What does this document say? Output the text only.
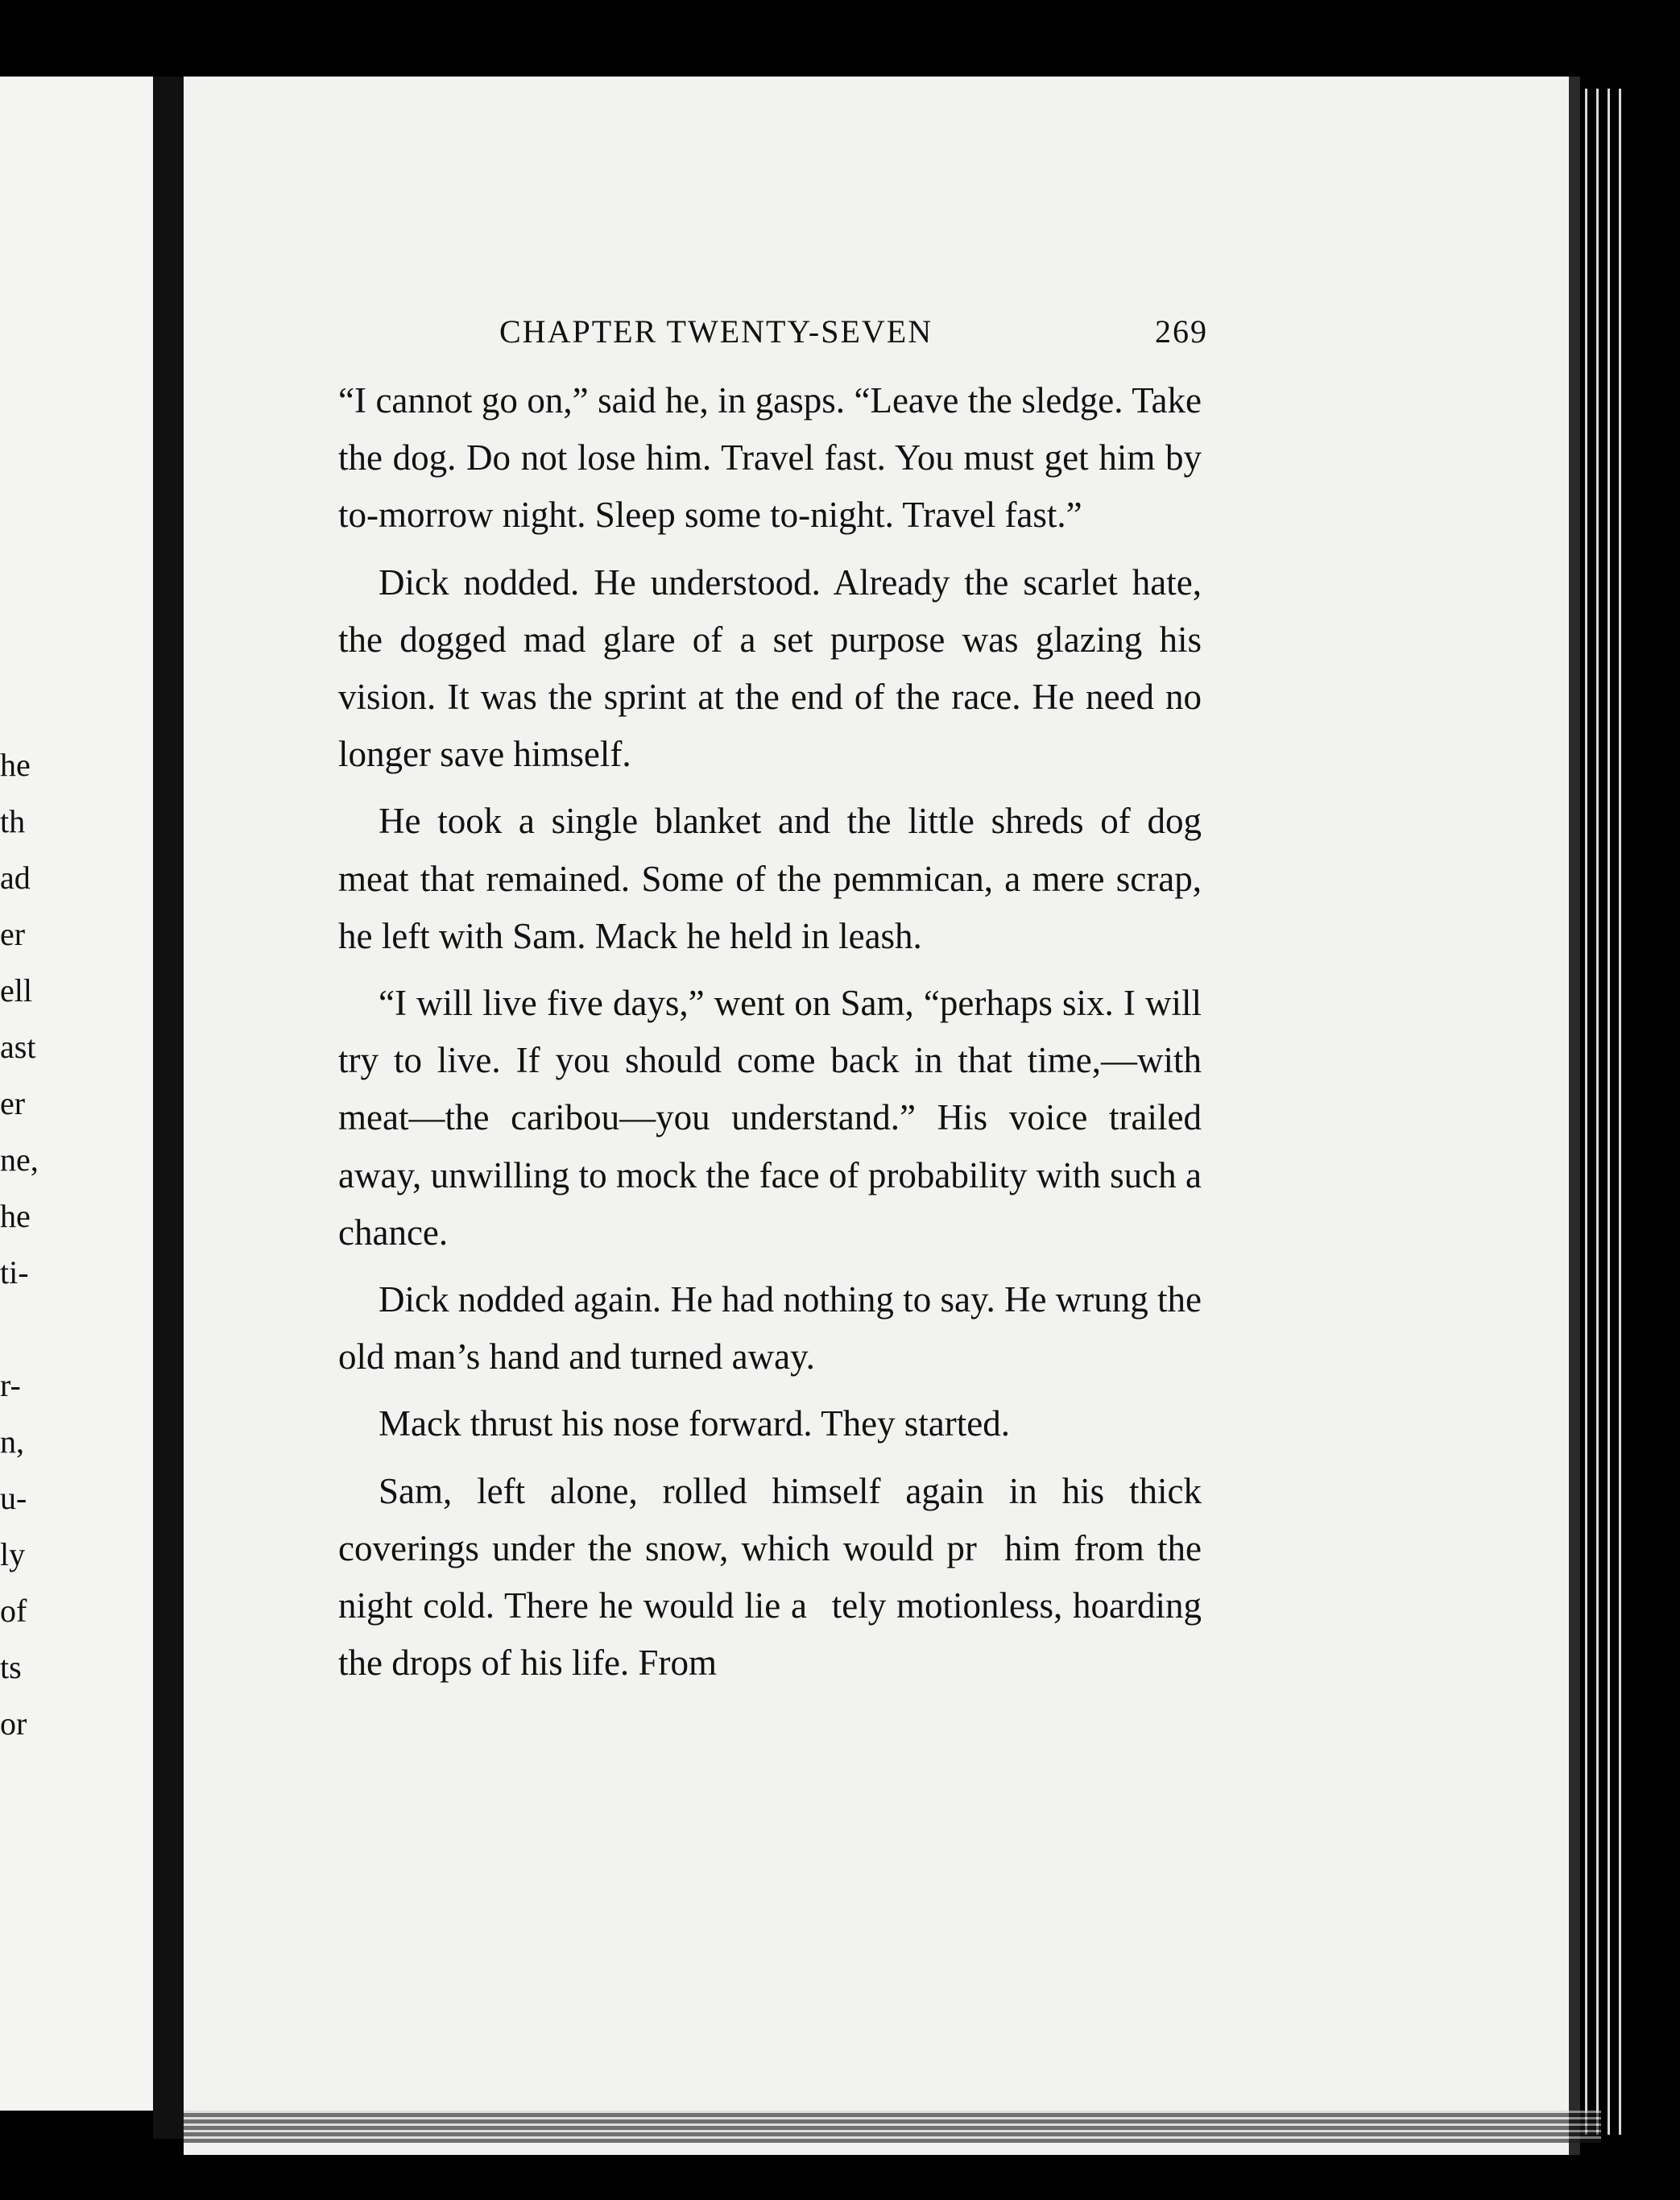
he
th
ad
er
ell
ast
er
ne,
he
ti-
r-
n,
u-
ly
of
ts
or
CHAPTER TWENTY-SEVEN	269

“I cannot go on,” said he, in gasps. “Leave the sledge. Take the dog. Do not lose him. Travel fast. You must get him by to-morrow night. Sleep some to-night. Travel fast.”

Dick nodded. He understood. Already the scarlet hate, the dogged mad glare of a set purpose was glazing his vision. It was the sprint at the end of the race. He need no longer save himself.

He took a single blanket and the little shreds of dog meat that remained. Some of the pemmican, a mere scrap, he left with Sam. Mack he held in leash.

“I will live five days,” went on Sam, “perhaps six. I will try to live. If you should come back in that time,—with meat—the caribou—you understand.” His voice trailed away, unwilling to mock the face of probability with such a chance.

Dick nodded again. He had nothing to say. He wrung the old man’s hand and turned away.

Mack thrust his nose forward. They started.

Sam, left alone, rolled himself again in his thick coverings under the snow, which would pr   him from the night cold. There he would lie a   tely motionless, hoarding the drops of his life. From
